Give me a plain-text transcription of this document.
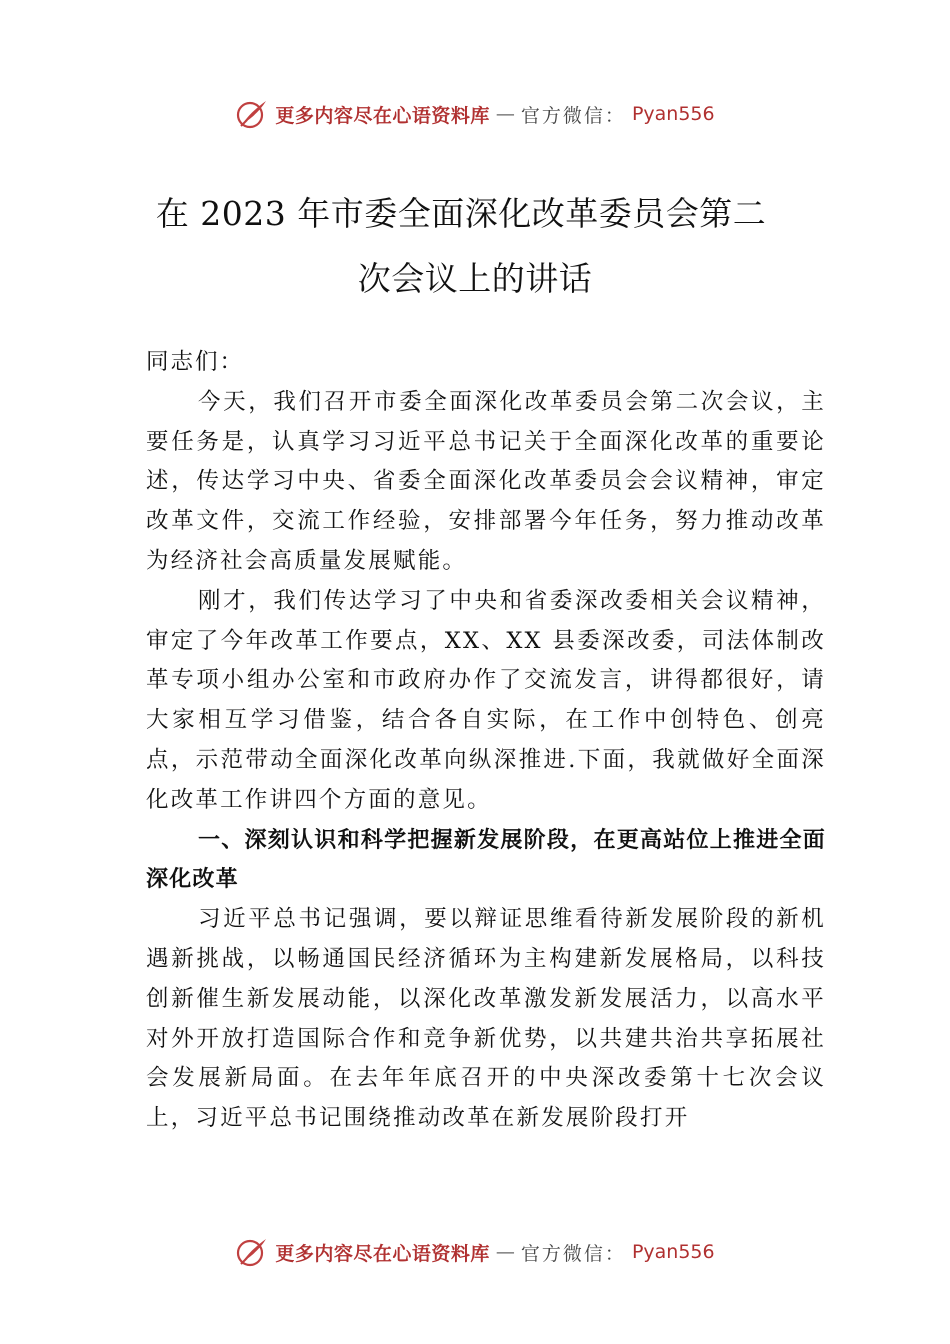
更多内容尽在心语资料库 — 官方微信： Pyan556
在 2023 年市委全面深化改革委员会第二
次会议上的讲话

同志们：

今天，我们召开市委全面深化改革委员会第二次会议，主要任务是，认真学习习近平总书记关于全面深化改革的重要论述，传达学习中央、省委全面深化改革委员会会议精神，审定改革文件，交流工作经验，安排部署今年任务，努力推动改革为经济社会高质量发展赋能。

刚才，我们传达学习了中央和省委深改委相关会议精神，审定了今年改革工作要点，XX、XX 县委深改委，司法体制改革专项小组办公室和市政府办作了交流发言，讲得都很好，请大家相互学习借鉴，结合各自实际，在工作中创特色、创亮点，示范带动全面深化改革向纵深推进.下面，我就做好全面深化改革工作讲四个方面的意见。

一、深刻认识和科学把握新发展阶段，在更高站位上推进全面深化改革

习近平总书记强调，要以辩证思维看待新发展阶段的新机遇新挑战，以畅通国民经济循环为主构建新发展格局，以科技创新催生新发展动能，以深化改革激发新发展活力，以高水平对外开放打造国际合作和竞争新优势，以共建共治共享拓展社会发展新局面。在去年年底召开的中央深改委第十七次会议上，习近平总书记围绕推动改革在新发展阶段打开

更多内容尽在心语资料库 — 官方微信： Pyan556
